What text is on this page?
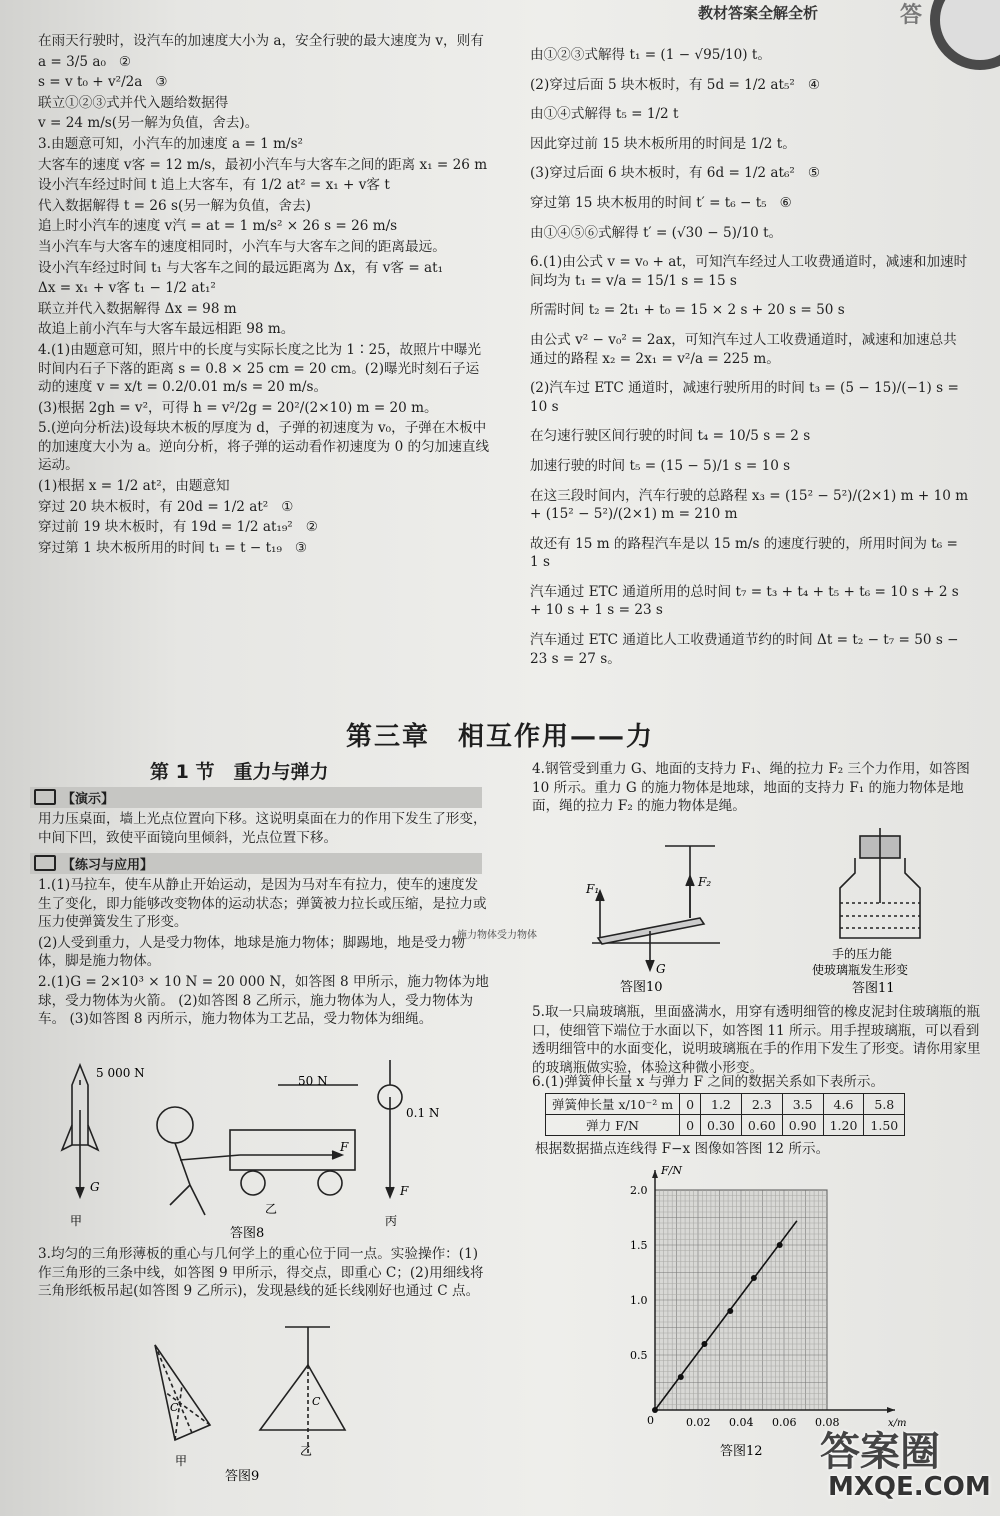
教材答案全解全析	答

在雨天行驶时，设汽车的加速度大小为 a，安全行驶的最大速度为 v，则有

a = 3/5 a₀   ②

s = v t₀ + v²/2a   ③

联立①②③式并代入题给数据得

v = 24 m/s(另一解为负值，舍去)。

3.由题意可知，小汽车的加速度 a = 1 m/s²

大客车的速度 v客 = 12 m/s，最初小汽车与大客车之间的距离 x₁ = 26 m

设小汽车经过时间 t 追上大客车，有 1/2 at² = x₁ + v客 t

代入数据解得 t = 26 s(另一解为负值，舍去)

追上时小汽车的速度 v汽 = at = 1 m/s² × 26 s = 26 m/s

当小汽车与大客车的速度相同时，小汽车与大客车之间的距离最远。

设小汽车经过时间 t₁ 与大客车之间的最远距离为 Δx，有 v客 = at₁

Δx = x₁ + v客 t₁ − 1/2 at₁²

联立并代入数据解得 Δx = 98 m

故追上前小汽车与大客车最远相距 98 m。

4.(1)由题意可知，照片中的长度与实际长度之比为 1∶25，故照片中曝光时间内石子下落的距离 s = 0.8 × 25 cm = 20 cm。(2)曝光时刻石子运动的速度 v = x/t = 0.2/0.01 m/s = 20 m/s。

(3)根据 2gh = v²，可得 h = v²/2g = 20²/(2×10) m = 20 m。

5.(逆向分析法)设每块木板的厚度为 d，子弹的初速度为 v₀，子弹在木板中的加速度大小为 a。逆向分析，将子弹的运动看作初速度为 0 的匀加速直线运动。

(1)根据 x = 1/2 at²，由题意知

穿过 20 块木板时，有 20d = 1/2 at²   ①

穿过前 19 块木板时，有 19d = 1/2 at₁₉²   ②

穿过第 1 块木板所用的时间 t₁ = t − t₁₉   ③

由①②③式解得 t₁ = (1 − √95/10) t。

(2)穿过后面 5 块木板时，有 5d = 1/2 at₅²   ④

由①④式解得 t₅ = 1/2 t

因此穿过前 15 块木板所用的时间是 1/2 t。

(3)穿过后面 6 块木板时，有 6d = 1/2 at₆²   ⑤

穿过第 15 块木板用的时间 t′ = t₆ − t₅   ⑥

由①④⑤⑥式解得 t′ = (√30 − 5)/10 t。

6.(1)由公式 v = v₀ + at，可知汽车经过人工收费通道时，减速和加速时间均为 t₁ = v/a = 15/1 s = 15 s

所需时间 t₂ = 2t₁ + t₀ = 15 × 2 s + 20 s = 50 s

由公式 v² − v₀² = 2ax，可知汽车过人工收费通道时，减速和加速总共通过的路程 x₂ = 2x₁ = v²/a = 225 m。

(2)汽车过 ETC 通道时，减速行驶所用的时间 t₃ = (5 − 15)/(−1) s = 10 s

在匀速行驶区间行驶的时间 t₄ = 10/5 s = 2 s

加速行驶的时间 t₅ = (15 − 5)/1 s = 10 s

在这三段时间内，汽车行驶的总路程 x₃ = (15² − 5²)/(2×1) m + 10 m + (15² − 5²)/(2×1) m = 210 m

故还有 15 m 的路程汽车是以 15 m/s 的速度行驶的，所用时间为 t₆ = 1 s

汽车通过 ETC 通道所用的总时间 t₇ = t₃ + t₄ + t₅ + t₆ = 10 s + 2 s + 10 s + 1 s = 23 s

汽车通过 ETC 通道比人工收费通道节约的时间 Δt = t₂ − t₇ = 50 s − 23 s = 27 s。

第三章　相互作用——力
第 1 节　重力与弹力
【演示】
用力压桌面，墙上光点位置向下移。这说明桌面在力的作用下发生了形变，中间下凹，致使平面镜向里倾斜，光点位置下移。
【练习与应用】

1.(1)马拉车，使车从静止开始运动，是因为马对车有拉力，使车的速度发生了变化，即力能够改变物体的运动状态；弹簧被力拉长或压缩，是拉力或压力使弹簧发生了形变。

(2)人受到重力，人是受力物体，地球是施力物体；脚踢地，地是受力物体，脚是施力物体。

2.(1)G = 2×10³ × 10 N = 20 000 N，如答图 8 甲所示，施力物体为地球，受力物体为火箭。 (2)如答图 8 乙所示，施力物体为人，受力物体为车。 (3)如答图 8 丙所示，施力物体为工艺品，受力物体为细绳。

施力物体受力物体
5 000 N
G
50 N
F
0.1 N
F
甲
乙
丙
答图8
3.均匀的三角形薄板的重心与几何学上的重心位于同一点。实验操作：(1)作三角形的三条中线，如答图 9 甲所示，得交点，即重心 C；(2)用细线将三角形纸板吊起(如答图 9 乙所示)，发现悬线的延长线刚好也通过 C 点。
C	C
甲
乙
答图9

4.钢管受到重力 G、地面的支持力 F₁、绳的拉力 F₂ 三个力作用，如答图 10 所示。重力 G 的施力物体是地球，地面的支持力 F₁ 的施力物体是地面，绳的拉力 F₂ 的施力物体是绳。

F₁	F₂
G
答图10
手的压力能
使玻璃瓶发生形变
答图11
弹簧伸长量 x/10⁻² m	0	1.2	2.3	3.5	4.6	5.8
弹力 F/N	0	0.30	0.60	0.90	1.20	1.50
根据数据描点连线得 F−x 图像如答图 12 所示。
0.02 0.04 0.06 0.08
0.5
1.0
1.5
2.0
0	x/m
F/N
答图12 答案圈
MXQE.COM
5.取一只扁玻璃瓶，里面盛满水，用穿有透明细管的橡皮泥封住玻璃瓶的瓶口，使细管下端位于水面以下，如答图 11 所示。用手捏玻璃瓶，可以看到透明细管中的水面变化，说明玻璃瓶在手的作用下发生了形变。请你用家里的玻璃瓶做实验，体验这种微小形变。
6.(1)弹簧伸长量 x 与弹力 F 之间的数据关系如下表所示。
